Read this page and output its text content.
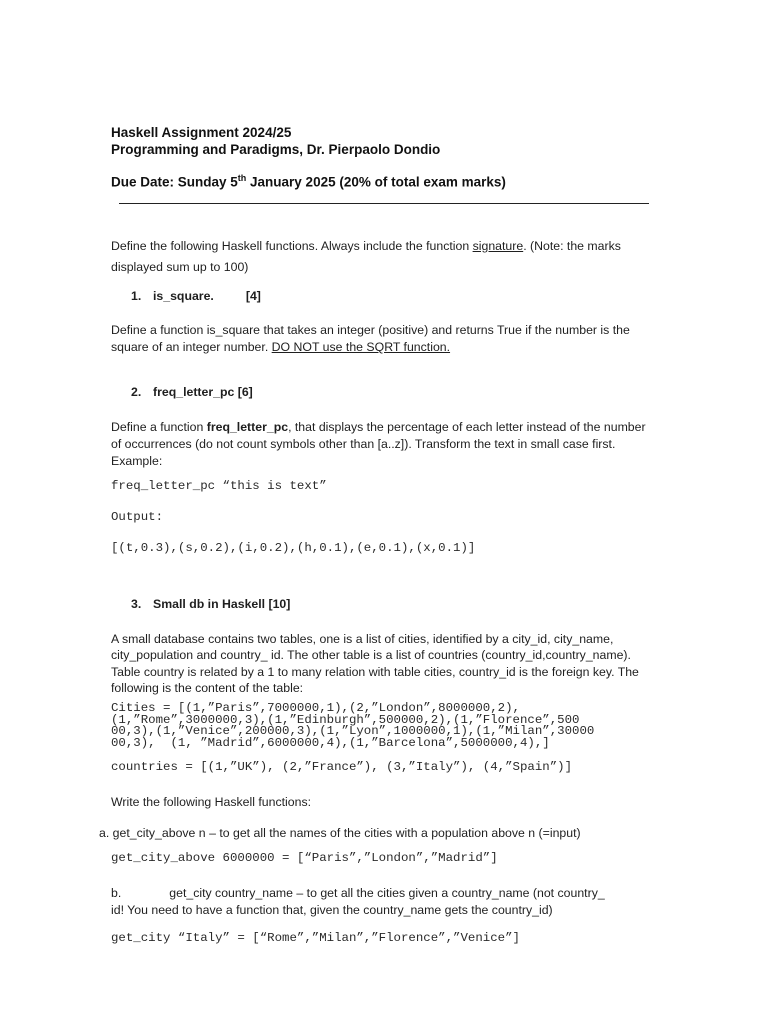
Haskell Assignment 2024/25
Programming and Paradigms, Dr. Pierpaolo Dondio
Due Date: Sunday 5th January 2025 (20% of total exam marks)
Define the following Haskell functions. Always include the function signature. (Note: the marks displayed sum up to 100)
1. is_square.	[4]
Define a function is_square that takes an integer (positive) and returns True if the number is the square of an integer number. DO NOT use the SQRT function.
2. freq_letter_pc [6]
Define a function freq_letter_pc, that displays the percentage of each letter instead of the number of occurrences (do not count symbols other than [a..z]). Transform the text in small case first. Example:
freq_letter_pc “this is text”
Output:
[(t,0.3),(s,0.2),(i,0.2),(h,0.1),(e,0.1),(x,0.1)]
3. Small db in Haskell [10]
A small database contains two tables, one is a list of cities, identified by a city_id, city_name, city_population and country_ id. The other table is a list of countries (country_id,country_name). Table country is related by a 1 to many relation with table cities, country_id is the foreign key. The following is the content of the table:
Cities = [(1,”Paris”,7000000,1),(2,”London”,8000000,2),
(1,”Rome”,3000000,3),(1,”Edinburgh”,500000,2),(1,”Florence”,500
00,3),(1,”Venice”,200000,3),(1,”Lyon”,1000000,1),(1,”Milan”,30000
00,3),  (1, ”Madrid”,6000000,4),(1,”Barcelona”,5000000,4),]
countries = [(1,”UK”), (2,”France”), (3,”Italy”), (4,”Spain”)]
Write the following Haskell functions:
a. get_city_above n – to get all the names of the cities with a population above n (=input)
get_city_above 6000000 = [“Paris”,”London”,”Madrid”]
b.	get_city country_name – to get all the cities given a country_name (not country_
id! You need to have a function that, given the country_name gets the country_id)
get_city “Italy” = [“Rome”,”Milan”,”Florence”,”Venice”]
